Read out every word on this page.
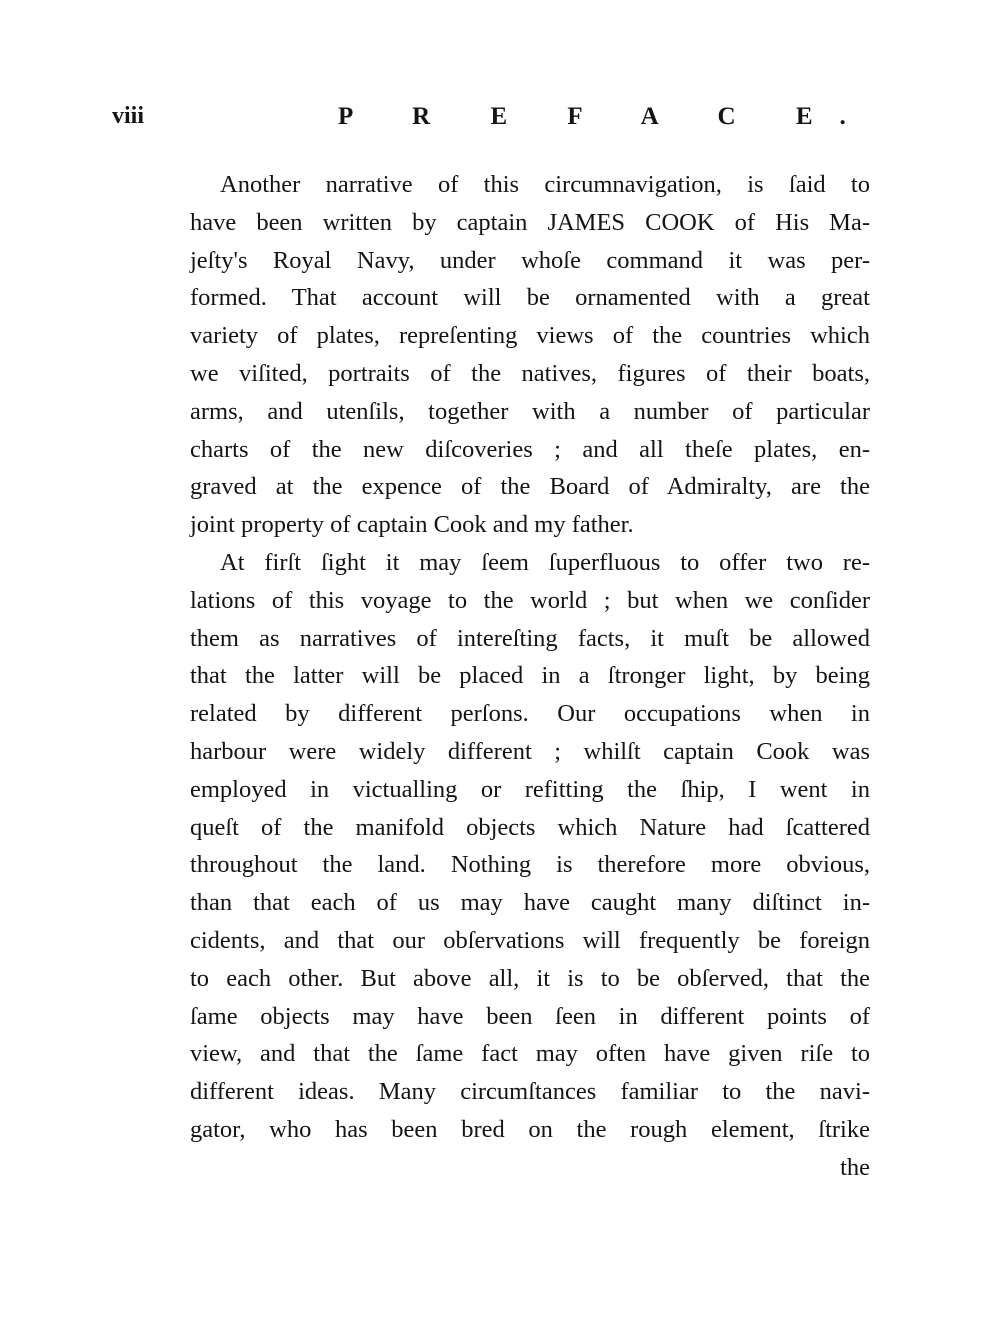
viii	P R E F A C E.
Another narrative of this circumnavigation, is ſaid to
have been written by captain JAMES COOK of His Ma-
jeſty's Royal Navy, under whoſe command it was per-
formed. That account will be ornamented with a great
variety of plates, repreſenting views of the countries which
we viſited, portraits of the natives, figures of their boats,
arms, and utenſils, together with a number of particular
charts of the new diſcoveries ; and all theſe plates, en-
graved at the expence of the Board of Admiralty, are the
joint property of captain Cook and my father.
At firſt ſight it may ſeem ſuperfluous to offer two re-
lations of this voyage to the world ; but when we conſider
them as narratives of intereſting facts, it muſt be allowed
that the latter will be placed in a ſtronger light, by being
related by different perſons. Our occupations when in
harbour were widely different ; whilſt captain Cook was
employed in victualling or refitting the ſhip, I went in
queſt of the manifold objects which Nature had ſcattered
throughout the land. Nothing is therefore more obvious,
than that each of us may have caught many diſtinct in-
cidents, and that our obſervations will frequently be foreign
to each other. But above all, it is to be obſerved, that the
ſame objects may have been ſeen in different points of
view, and that the ſame fact may often have given riſe to
different ideas. Many circumſtances familiar to the navi-
gator, who has been bred on the rough element, ſtrike
the
